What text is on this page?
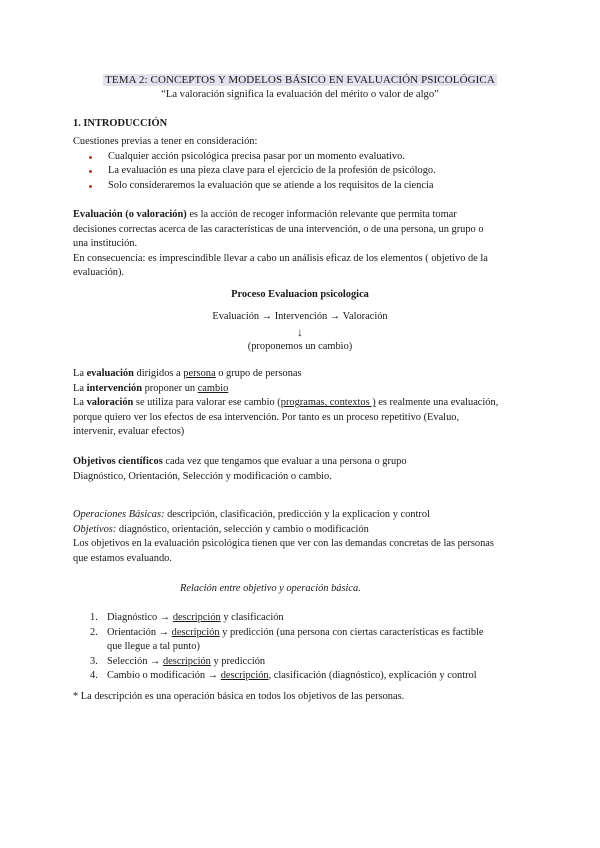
TEMA 2: CONCEPTOS Y MODELOS BÁSICO EN EVALUACIÓN PSICOLÓGICA
“La valoración significa la evaluación del mérito o valor de algo”
1. INTRODUCCIÓN
Cuestiones previas a tener en consideración:
Cualquier acción psicológica precisa pasar por un momento evaluativo.
La evaluación es una pieza clave para el ejercicio de la profesión de psicólogo.
Solo consideraremos la evaluación que se atiende a los requisitos de la ciencia
Evaluación (o valoración) es la acción de recoger información relevante que permita tomar
decisiones correctas acerca de las características de una intervención, o de una persona, un grupo o
una institución.
En consecuencia: es imprescindible llevar a cabo un análisis eficaz de los elementos ( objetivo de la
evaluación).
Proceso Evaluacion psicologica
Evaluación → Intervención → Valoración
↓
(proponemos un cambio)
La evaluación dirigidos a persona o grupo de personas
La intervención proponer un cambio
La valoración se utiliza para valorar ese cambio (programas, contextos ) es realmente una evaluación,
porque quiero ver los efectos de esa intervención. Por tanto es un proceso repetitivo (Evaluo,
intervenir, evaluar efectos)
Objetivos científicos cada vez que tengamos que evaluar a una persona o grupo
Diagnóstico, Orientación, Selección y modificación o cambio.
Operaciones Básicas: descripción, clasificación, predicción y la explicacion y control
Objetivos: diagnóstico, orientación, selección y cambio o modificación
Los objetivos en la evaluación psicológica tienen que ver con las demandas concretas de las personas
que estamos evaluando.
Relación entre objetivo y operación básica.
1. Diagnóstico → descripción y clasificación
2. Orientación → descripción y predicción (una persona con ciertas características es factible
que llegue a tal punto)
3. Selección → descripción y predicción
4. Cambio o modificación → descripción, clasificación (diagnóstico), explicación y control
* La descripción es una operación básica en todos los objetivos de las personas.
